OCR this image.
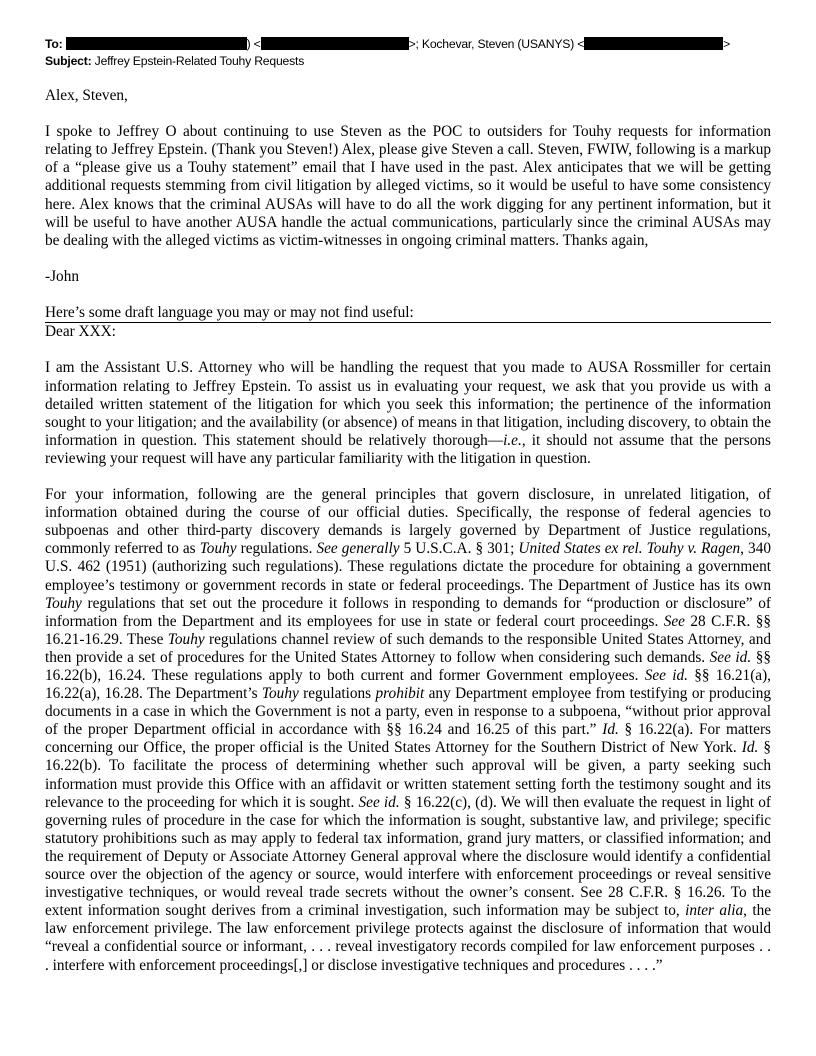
To:	) <	>; Kochevar, Steven (USANYS) <	>
Subject: Jeffrey Epstein-Related Touhy Requests

Alex, Steven,

I spoke to Jeffrey O about continuing to use Steven as the POC to outsiders for Touhy requests for information relating to Jeffrey Epstein. (Thank you Steven!) Alex, please give Steven a call. Steven, FWIW, following is a markup of a “please give us a Touhy statement” email that I have used in the past. Alex anticipates that we will be getting additional requests stemming from civil litigation by alleged victims, so it would be useful to have some consistency here. Alex knows that the criminal AUSAs will have to do all the work digging for any pertinent information, but it will be useful to have another AUSA handle the actual communications, particularly since the criminal AUSAs may be dealing with the alleged victims as victim-witnesses in ongoing criminal matters. Thanks again,

-John

Here’s some draft language you may or may not find useful:

Dear XXX:

I am the Assistant U.S. Attorney who will be handling the request that you made to AUSA Rossmiller for certain information relating to Jeffrey Epstein. To assist us in evaluating your request, we ask that you provide us with a detailed written statement of the litigation for which you seek this information; the pertinence of the information sought to your litigation; and the availability (or absence) of means in that litigation, including discovery, to obtain the information in question. This statement should be relatively thorough—i.e., it should not assume that the persons reviewing your request will have any particular familiarity with the litigation in question.

For your information, following are the general principles that govern disclosure, in unrelated litigation, of information obtained during the course of our official duties. Specifically, the response of federal agencies to subpoenas and other third-party discovery demands is largely governed by Department of Justice regulations, commonly referred to as Touhy regulations. See generally 5 U.S.C.A. § 301; United States ex rel. Touhy v. Ragen, 340 U.S. 462 (1951) (authorizing such regulations). These regulations dictate the procedure for obtaining a government employee’s testimony or government records in state or federal proceedings. The Department of Justice has its own Touhy regulations that set out the procedure it follows in responding to demands for “production or disclosure” of information from the Department and its employees for use in state or federal court proceedings. See 28 C.F.R. §§ 16.21-16.29. These Touhy regulations channel review of such demands to the responsible United States Attorney, and then provide a set of procedures for the United States Attorney to follow when considering such demands. See id. §§ 16.22(b), 16.24. These regulations apply to both current and former Government employees. See id. §§ 16.21(a), 16.22(a), 16.28. The Department’s Touhy regulations prohibit any Department employee from testifying or producing documents in a case in which the Government is not a party, even in response to a subpoena, “without prior approval of the proper Department official in accordance with §§ 16.24 and 16.25 of this part.” Id. § 16.22(a). For matters concerning our Office, the proper official is the United States Attorney for the Southern District of New York. Id. § 16.22(b). To facilitate the process of determining whether such approval will be given, a party seeking such information must provide this Office with an affidavit or written statement setting forth the testimony sought and its relevance to the proceeding for which it is sought. See id. § 16.22(c), (d). We will then evaluate the request in light of governing rules of procedure in the case for which the information is sought, substantive law, and privilege; specific statutory prohibitions such as may apply to federal tax information, grand jury matters, or classified information; and the requirement of Deputy or Associate Attorney General approval where the disclosure would identify a confidential source over the objection of the agency or source, would interfere with enforcement proceedings or reveal sensitive investigative techniques, or would reveal trade secrets without the owner’s consent. See 28 C.F.R. § 16.26. To the extent information sought derives from a criminal investigation, such information may be subject to, inter alia, the law enforcement privilege. The law enforcement privilege protects against the disclosure of information that would “reveal a confidential source or informant, . . . reveal investigatory records compiled for law enforcement purposes . . . interfere with enforcement proceedings[,] or disclose investigative techniques and procedures . . . .”
